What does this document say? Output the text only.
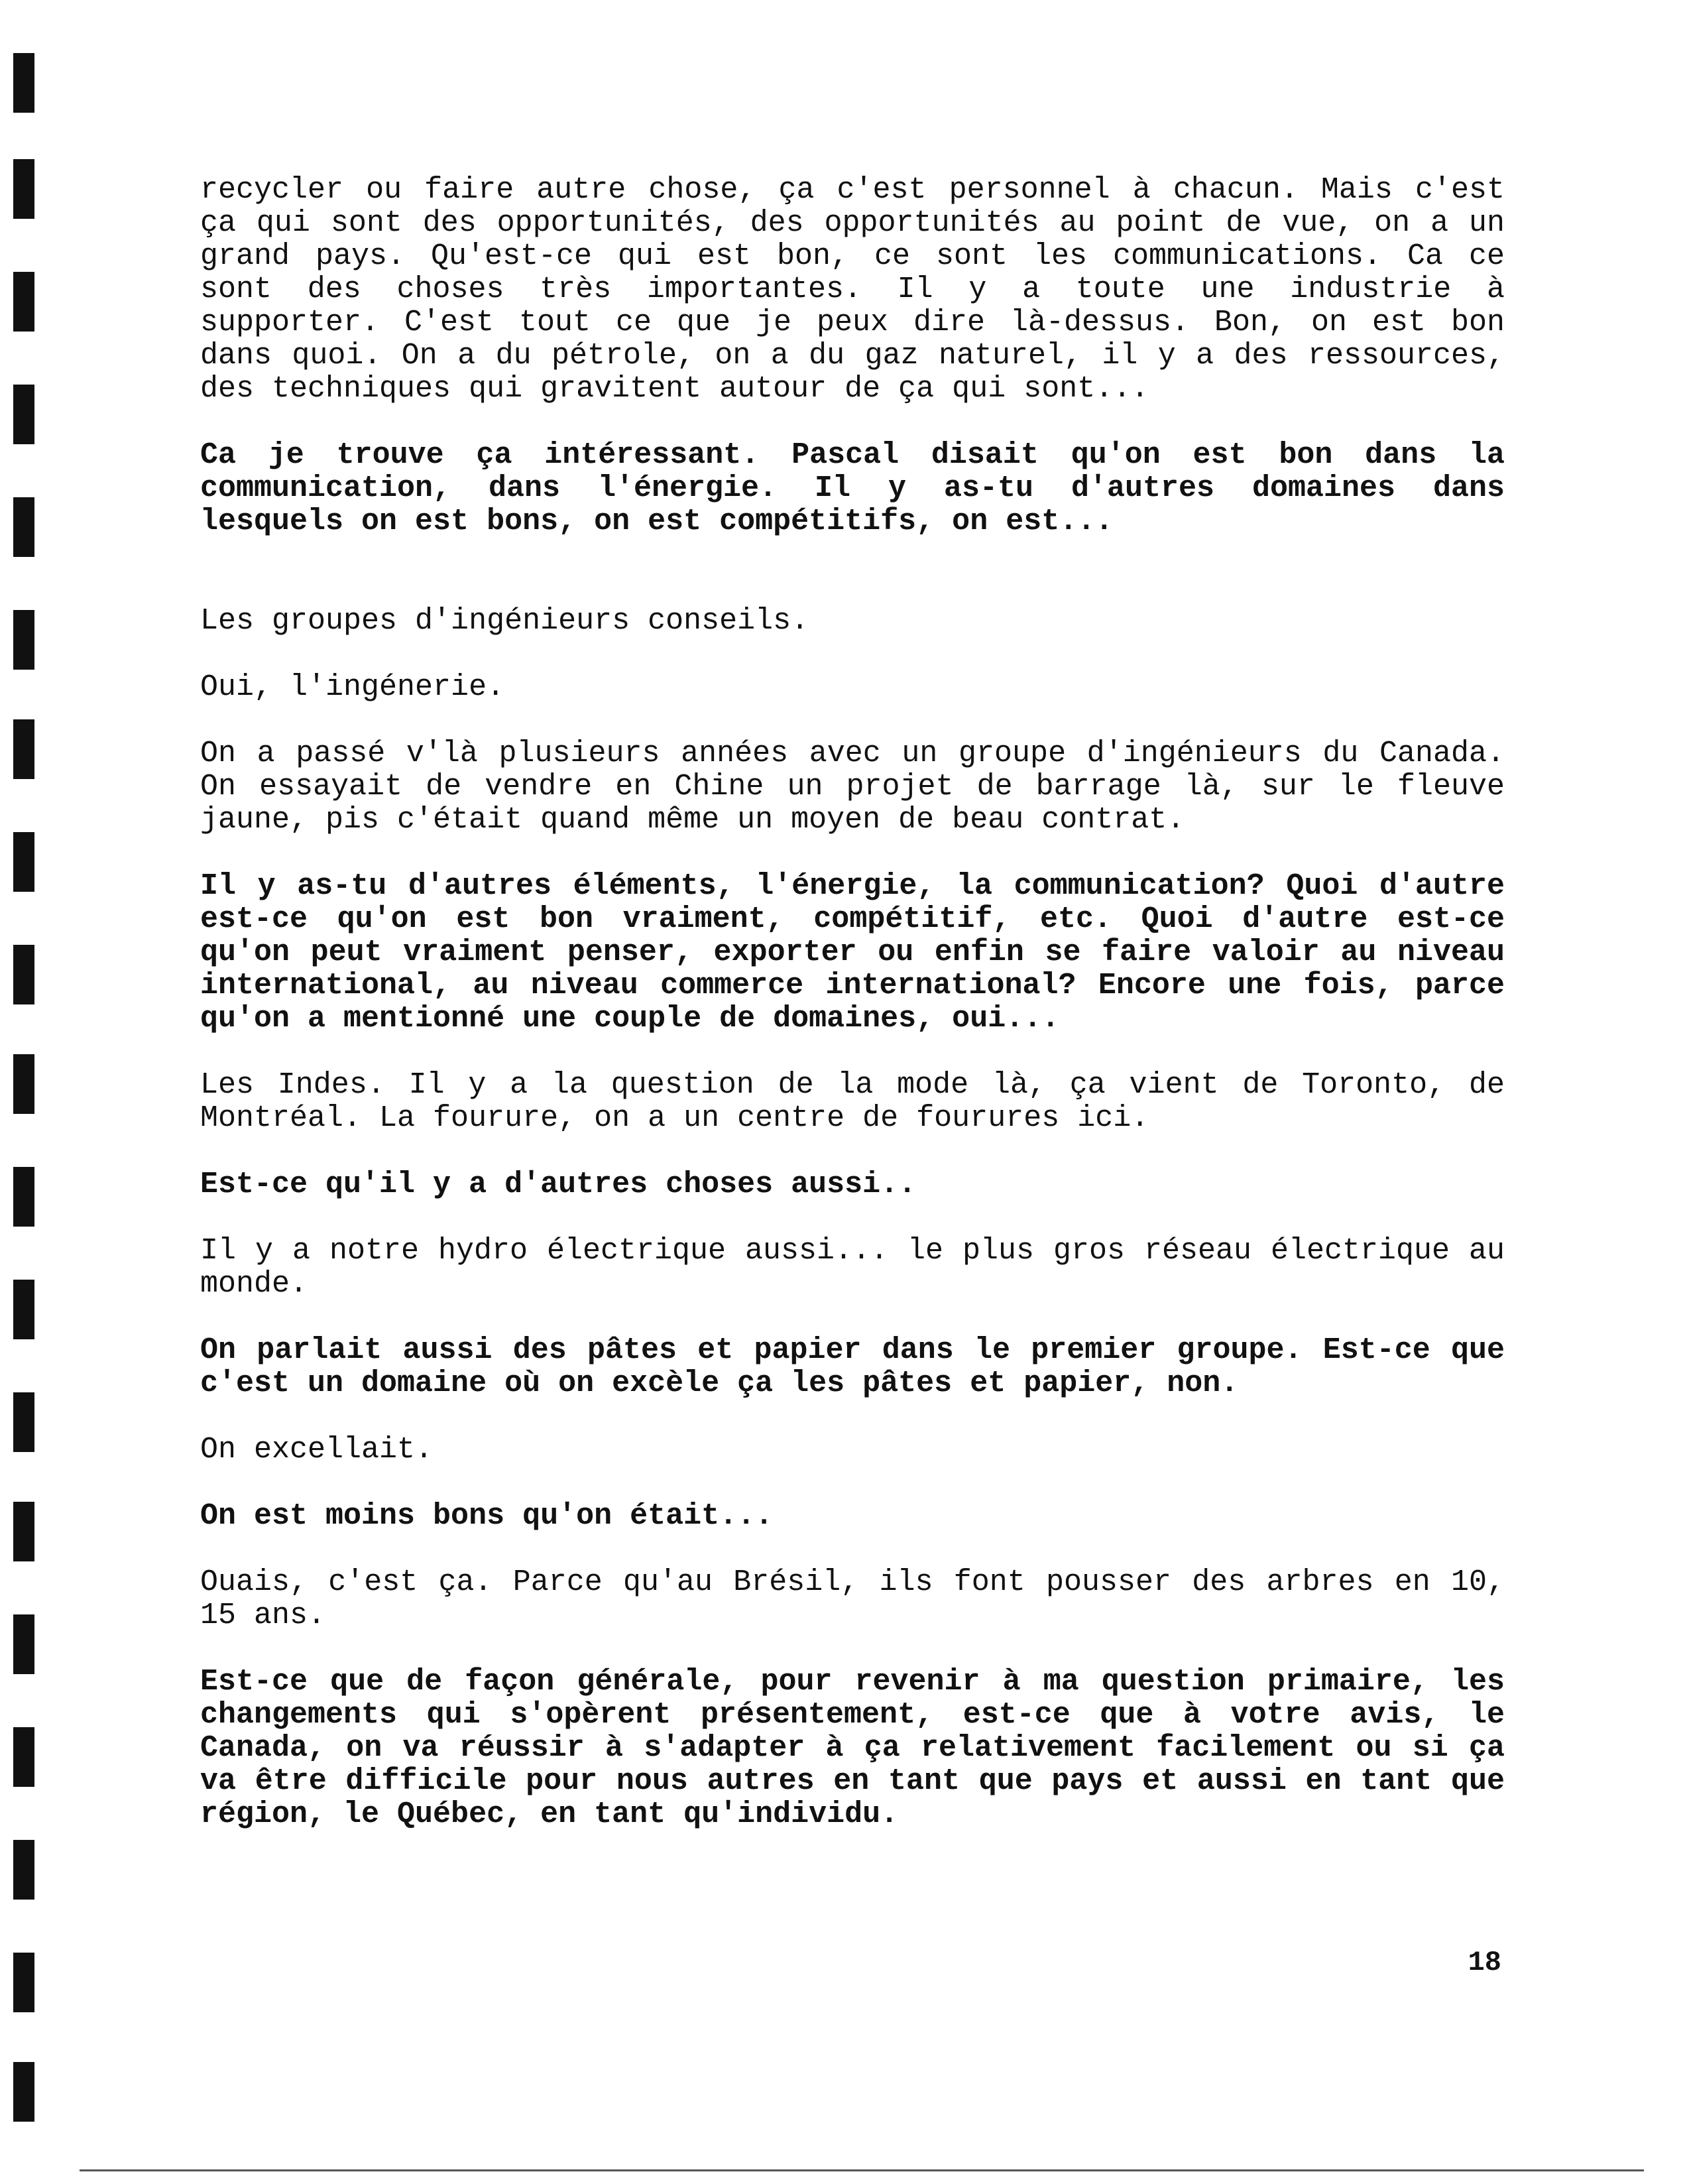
recycler ou faire autre chose, ça c'est personnel à chacun. Mais c'est ça qui sont des opportunités, des opportunités au point de vue, on a un grand pays. Qu'est-ce qui est bon, ce sont les communications. Ca ce sont des choses très importantes. Il y a toute une industrie à supporter. C'est tout ce que je peux dire là-dessus. Bon, on est bon dans quoi. On a du pétrole, on a du gaz naturel, il y a des ressources, des techniques qui gravitent autour de ça qui sont...

Ca je trouve ça intéressant. Pascal disait qu'on est bon dans la communication, dans l'énergie. Il y as-tu d'autres domaines dans lesquels on est bons, on est compétitifs, on est...

Les groupes d'ingénieurs conseils.

Oui, l'ingénerie.

On a passé v'là plusieurs années avec un groupe d'ingénieurs du Canada. On essayait de vendre en Chine un projet de barrage là, sur le fleuve jaune, pis c'était quand même un moyen de beau contrat.

Il y as-tu d'autres éléments, l'énergie, la communication? Quoi d'autre est-ce qu'on est bon vraiment, compétitif, etc. Quoi d'autre est-ce qu'on peut vraiment penser, exporter ou enfin se faire valoir au niveau international, au niveau commerce international? Encore une fois, parce qu'on a mentionné une couple de domaines, oui...

Les Indes. Il y a la question de la mode là, ça vient de Toronto, de Montréal. La fourure, on a un centre de fourures ici.

Est-ce qu'il y a d'autres choses aussi..

Il y a notre hydro électrique aussi... le plus gros réseau électrique au monde.

On parlait aussi des pâtes et papier dans le premier groupe. Est-ce que c'est un domaine où on excèle ça les pâtes et papier, non.

On excellait.

On est moins bons qu'on était...

Ouais, c'est ça. Parce qu'au Brésil, ils font pousser des arbres en 10, 15 ans.

Est-ce que de façon générale, pour revenir à ma question primaire, les changements qui s'opèrent présentement, est-ce que à votre avis, le Canada, on va réussir à s'adapter à ça relativement facilement ou si ça va être difficile pour nous autres en tant que pays et aussi en tant que région, le Québec, en tant qu'individu.

18
